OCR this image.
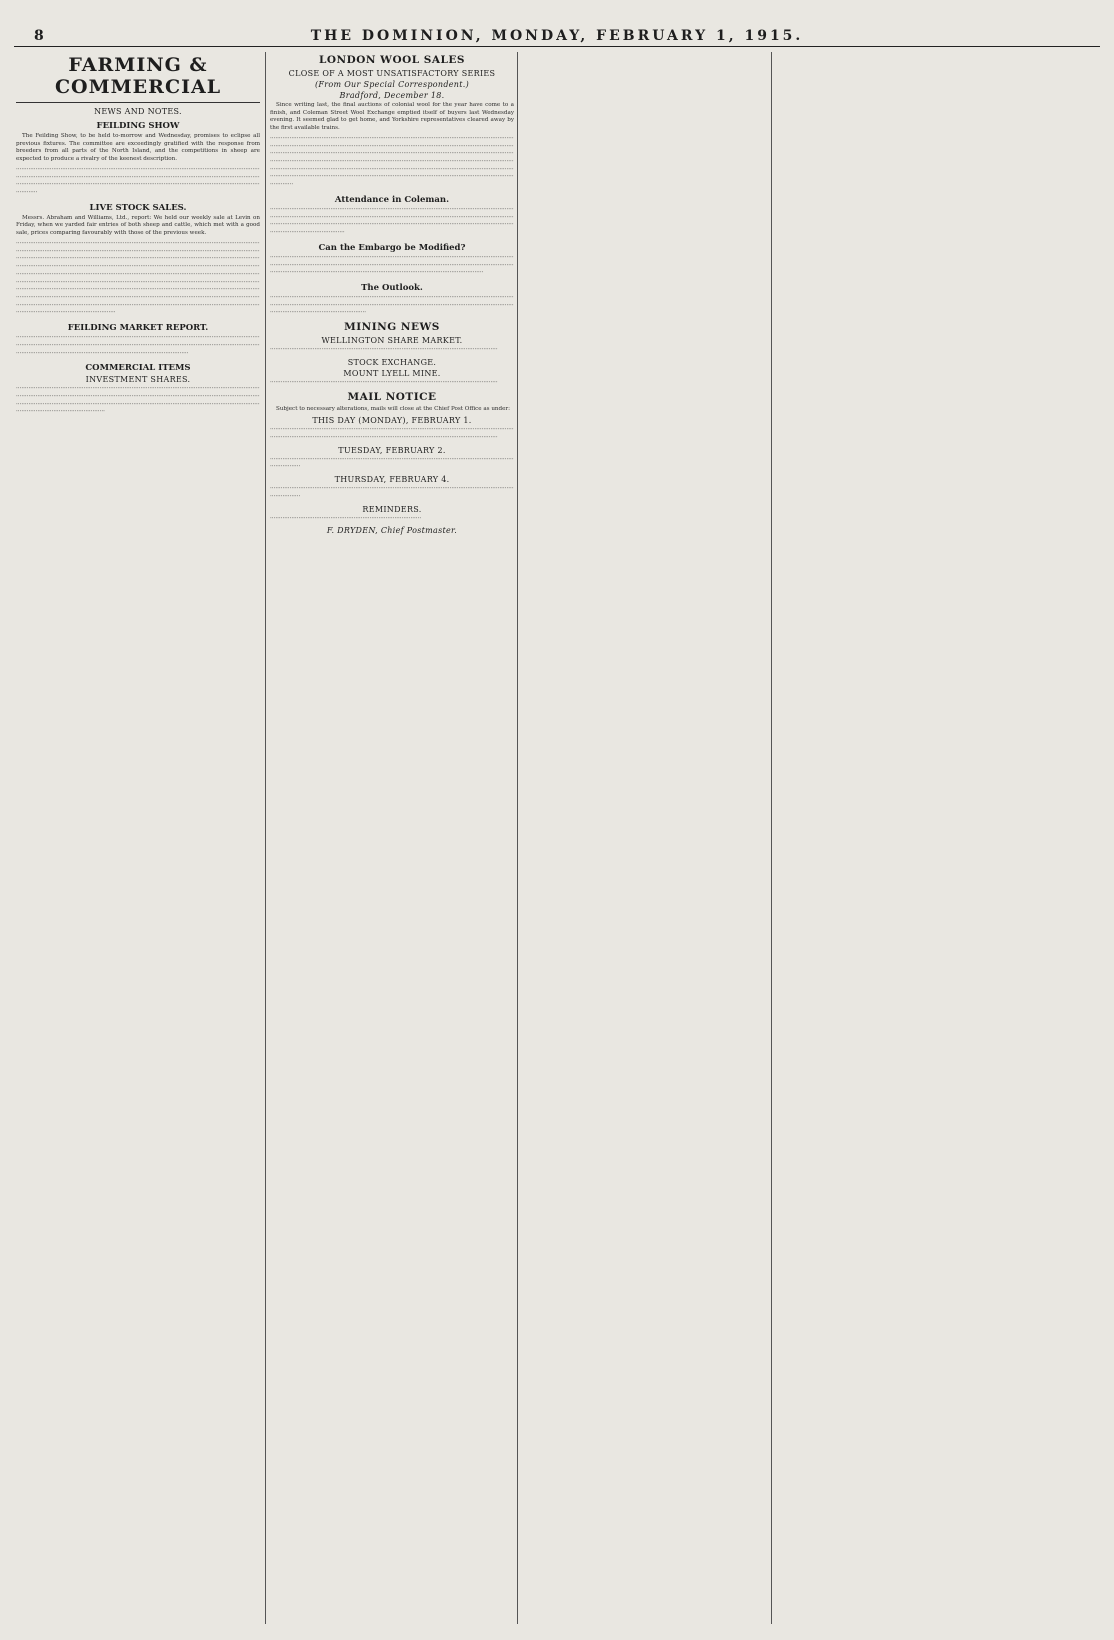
8	THE DOMINION, MONDAY, FEBRUARY 1, 1915.
FARMING & COMMERCIAL
NEWS AND NOTES.
FEILDING SHOW

The Feilding Show, to be held to-morrow and Wednesday, promises to eclipse all previous fixtures. The committee are exceedingly gratified with the response from breeders from all parts of the North Island, and the competitions in sheep are expected to produce a rivalry of the keenest description.

·······································································································································································································································································································································································································································

LIVE STOCK SALES.

Messrs. Abraham and Williams, Ltd., report: We held our weekly sale at Levin on Friday, when we yarded fair entries of both sheep and cattle, which met with a good sale, prices comparing favourably with those of the previous week.

·········································································································································································································································································································································································································································································································································································································································································································································································································································································································································································································································································································································································································································································································································

FEILDING MARKET REPORT.

···················································································································································································································································································································································································

COMMERCIAL ITEMS
INVESTMENT SHARES.

·············································································································································································································································································································································································································································································

LONDON WOOL SALES
CLOSE OF A MOST UNSATISFACTORY SERIES
(From Our Special Correspondent.)
Bradford, December 18.

Since writing last, the final auctions of colonial wool for the year have come to a finish, and Coleman Street Wool Exchange emptied itself of buyers last Wednesday evening. It seemed glad to get home, and Yorkshire representatives cleared away by the first available trains.

···································································································································································································································································································································································································································································································································································································································································································································································································································································

Attendance in Coleman.

·····································································································································································································································································································································································································································································

Can the Embargo be Modified?

··········································································································································································································································································································································································································

The Outlook.

········································································································································································································································································································································

MINING NEWS
WELLINGTON SHARE MARKET.

································································································································

STOCK EXCHANGE.
MOUNT LYELL MINE.

································································································································

MAIL NOTICE

Subject to necessary alterations, mails will close at the Chief Post Office as under:

THIS DAY (MONDAY), FEBRUARY 1.

·········································································································································································································································································

TUESDAY, FEBRUARY 2.

··························································································································································

THURSDAY, FEBRUARY 4.

··························································································································································

REMINDERS.

·····················································································

F. DRYDEN, Chief Postmaster.
